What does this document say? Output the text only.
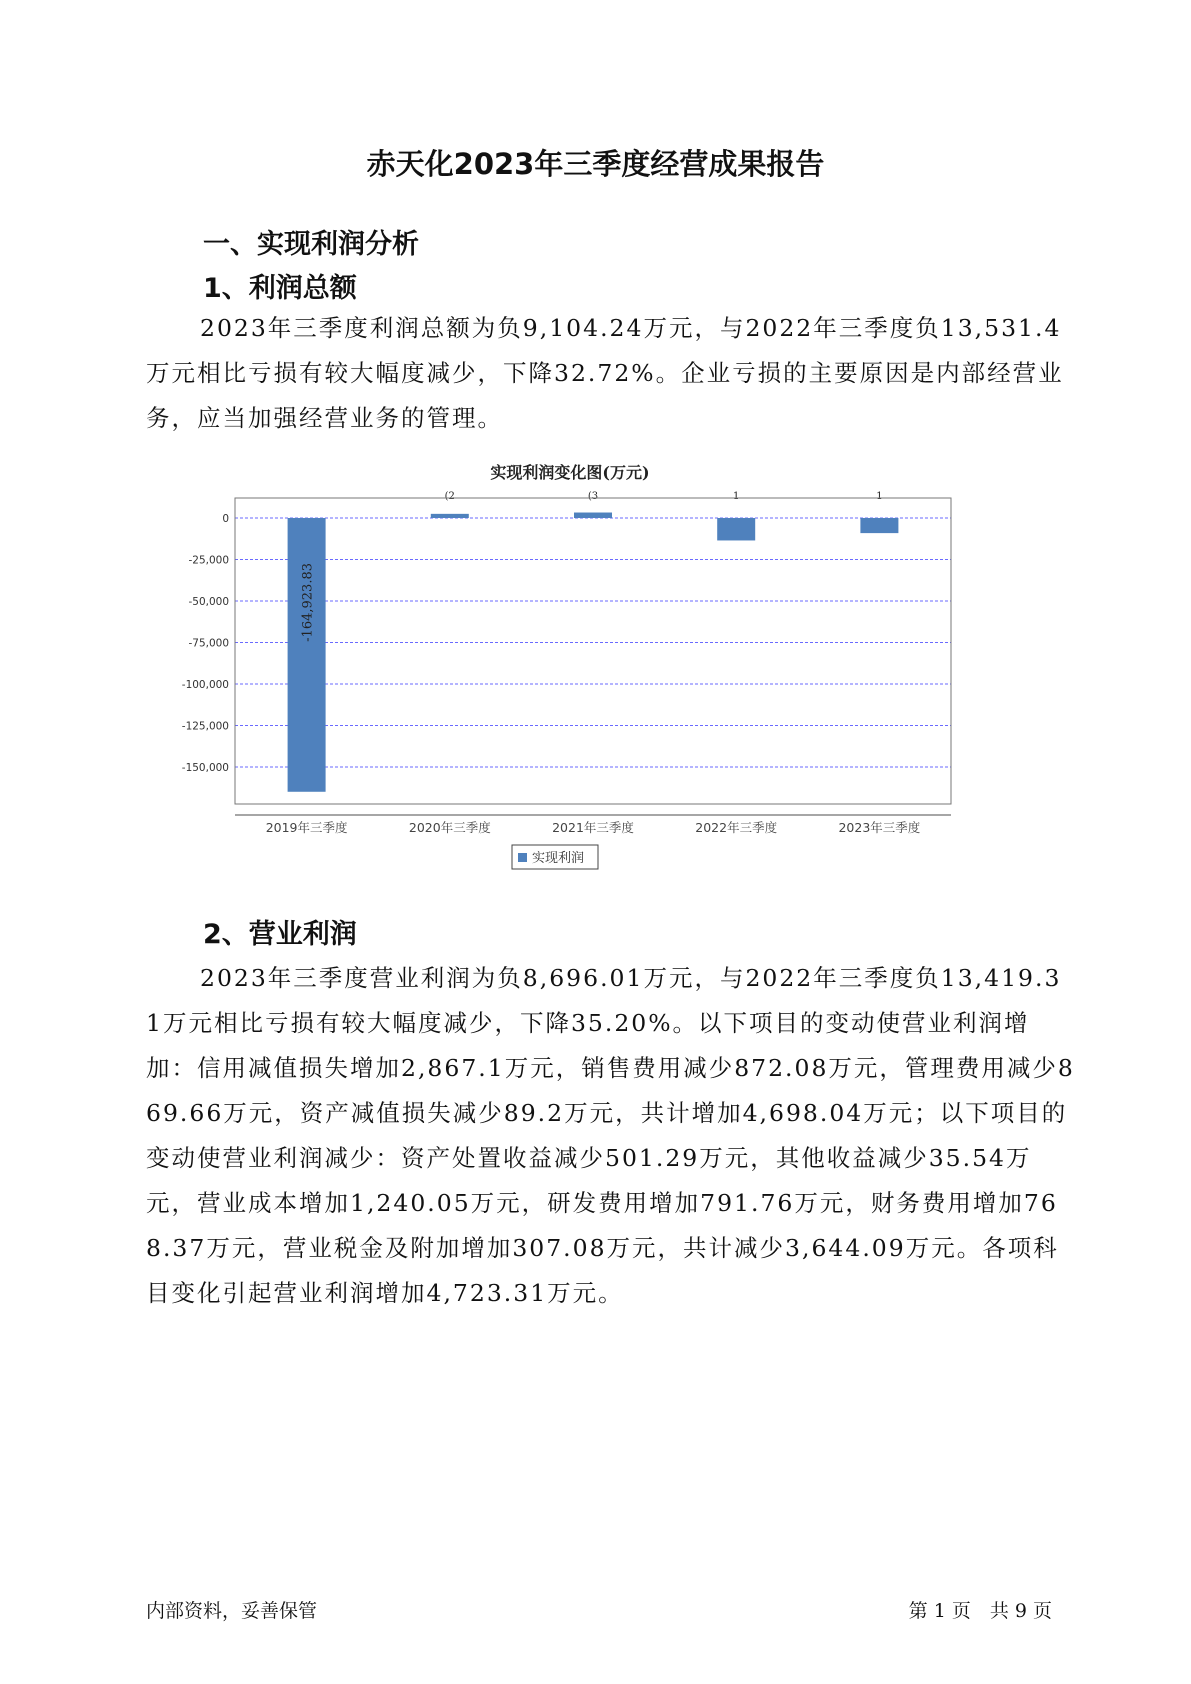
赤天化2023年三季度经营成果报告
一、实现利润分析
1、利润总额

2023年三季度利润总额为负9,104.24万元，与2022年三季度负13,531.4万元相比亏损有较大幅度减少，下降32.72%。企业亏损的主要原因是内部经营业务，应当加强经营业务的管理。

实现利润变化图(万元)
0
-25,000
-50,000
-75,000
-100,000
-125,000
-150,000
-164,923.83
(2	(3	1	1
2019年三季度	2020年三季度	2021年三季度	2022年三季度	2023年三季度
实现利润
2、营业利润

2023年三季度营业利润为负8,696.01万元，与2022年三季度负13,419.31万元相比亏损有较大幅度减少，下降35.20%。以下项目的变动使营业利润增加：信用减值损失增加2,867.1万元，销售费用减少872.08万元，管理费用减少869.66万元，资产减值损失减少89.2万元，共计增加4,698.04万元；以下项目的变动使营业利润减少：资产处置收益减少501.29万元，其他收益减少35.54万元，营业成本增加1,240.05万元，研发费用增加791.76万元，财务费用增加768.37万元，营业税金及附加增加307.08万元，共计减少3,644.09万元。各项科目变化引起营业利润增加4,723.31万元。

内部资料，妥善保管	第 1 页　共 9 页
